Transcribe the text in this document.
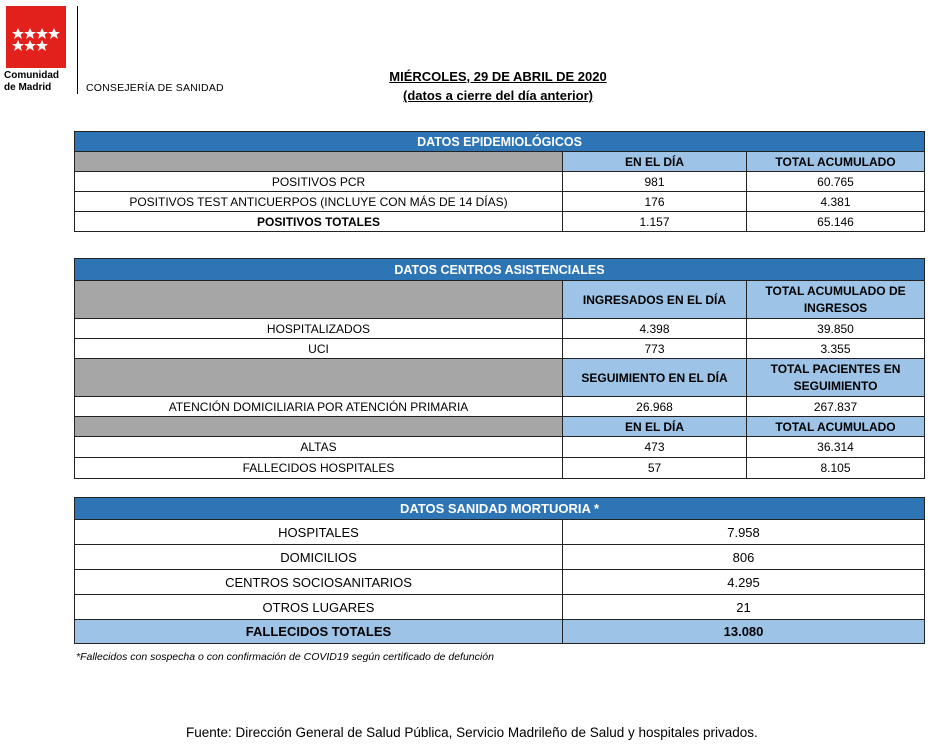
Comunidad
de Madrid	CONSEJERÍA DE SANIDAD
MIÉRCOLES, 29 DE ABRIL DE 2020
(datos a cierre del día anterior)
DATOS EPIDEMIOLÓGICOS		
	EN EL DÍA	TOTAL ACUMULADO
POSITIVOS PCR	981	60.765
POSITIVOS TEST ANTICUERPOS (INCLUYE CON MÁS DE 14 DÍAS)	176	4.381
POSITIVOS TOTALES	1.157	65.146
DATOS CENTROS ASISTENCIALES		
	INGRESADOS EN EL DÍA	TOTAL ACUMULADO DE INGRESOS
HOSPITALIZADOS	4.398	39.850
UCI	773	3.355
	SEGUIMIENTO EN EL DÍA	TOTAL PACIENTES EN SEGUIMIENTO
ATENCIÓN DOMICILIARIA POR ATENCIÓN PRIMARIA	26.968	267.837
	EN EL DÍA	TOTAL ACUMULADO
ALTAS	473	36.314
FALLECIDOS HOSPITALES	57	8.105
DATOS SANIDAD MORTUORIA *	
HOSPITALES	7.958
DOMICILIOS	806
CENTROS SOCIOSANITARIOS	4.295
OTROS LUGARES	21
FALLECIDOS TOTALES	13.080
*Fallecidos con sospecha o con confirmación de COVID19 según certificado de defunción
Fuente: Dirección General de Salud Pública, Servicio Madrileño de Salud y hospitales privados.
